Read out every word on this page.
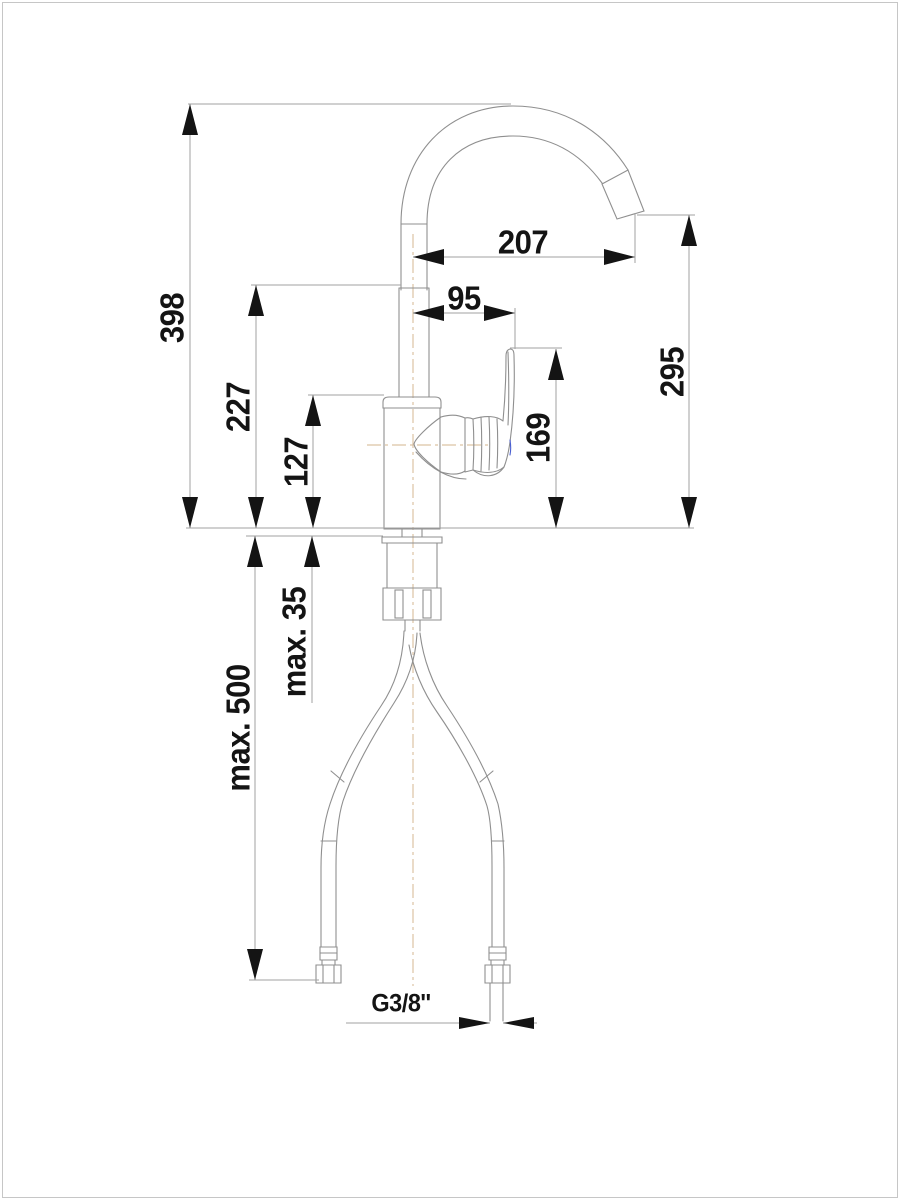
398
227
127
max. 500
max. 35
169
295
207
95
G3/8''
